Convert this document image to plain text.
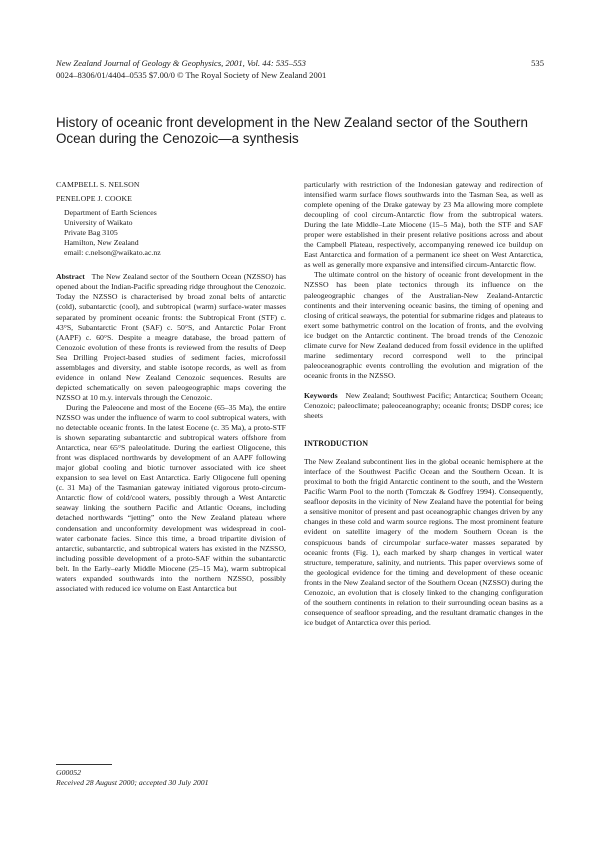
New Zealand Journal of Geology & Geophysics, 2001, Vol. 44: 535–553	535
0024–8306/01/4404–0535 $7.00/0 © The Royal Society of New Zealand 2001
History of oceanic front development in the New Zealand sector of the Southern Ocean during the Cenozoic—a synthesis
CAMPBELL S. NELSON
PENELOPE J. COOKE
Department of Earth Sciences
University of Waikato
Private Bag 3105
Hamilton, New Zealand
email: c.nelson@waikato.ac.nz

Abstract The New Zealand sector of the Southern Ocean (NZSSO) has opened about the Indian-Pacific spreading ridge throughout the Cenozoic. Today the NZSSO is characterised by broad zonal belts of antarctic (cold), subantarctic (cool), and subtropical (warm) surface-water masses separated by prominent oceanic fronts: the Subtropical Front (STF) c. 43°S, Subantarctic Front (SAF) c. 50°S, and Antarctic Polar Front (AAPF) c. 60°S. Despite a meagre database, the broad pattern of Cenozoic evolution of these fronts is reviewed from the results of Deep Sea Drilling Project-based studies of sediment facies, microfossil assemblages and diversity, and stable isotope records, as well as from evidence in onland New Zealand Cenozoic sequences. Results are depicted schematically on seven paleogeographic maps covering the NZSSO at 10 m.y. intervals through the Cenozoic.

During the Paleocene and most of the Eocene (65–35 Ma), the entire NZSSO was under the influence of warm to cool subtropical waters, with no detectable oceanic fronts. In the latest Eocene (c. 35 Ma), a proto-STF is shown separating subantarctic and subtropical waters offshore from Antarctica, near 65°S paleolatitude. During the earliest Oligocene, this front was displaced northwards by development of an AAPF following major global cooling and biotic turnover associated with ice sheet expansion to sea level on East Antarctica. Early Oligocene full opening (c. 31 Ma) of the Tasmanian gateway initiated vigorous proto-circum-Antarctic flow of cold/cool waters, possibly through a West Antarctic seaway linking the southern Pacific and Atlantic Oceans, including detached northwards “jetting” onto the New Zealand plateau where condensation and unconformity development was widespread in cool-water carbonate facies. Since this time, a broad tripartite division of antarctic, subantarctic, and subtropical waters has existed in the NZSSO, including possible development of a proto-SAF within the subantarctic belt. In the Early–early Middle Miocene (25–15 Ma), warm subtropical waters expanded southwards into the northern NZSSO, possibly associated with reduced ice volume on East Antarctica but

particularly with restriction of the Indonesian gateway and redirection of intensified warm surface flows southwards into the Tasman Sea, as well as complete opening of the Drake gateway by 23 Ma allowing more complete decoupling of cool circum-Antarctic flow from the subtropical waters. During the late Middle–Late Miocene (15–5 Ma), both the STF and SAF proper were established in their present relative positions across and about the Campbell Plateau, respectively, accompanying renewed ice buildup on East Antarctica and formation of a permanent ice sheet on West Antarctica, as well as generally more expansive and intensified circum-Antarctic flow.

The ultimate control on the history of oceanic front development in the NZSSO has been plate tectonics through its influence on the paleogeographic changes of the Australian-New Zealand-Antarctic continents and their intervening oceanic basins, the timing of opening and closing of critical seaways, the potential for submarine ridges and plateaus to exert some bathymetric control on the location of fronts, and the evolving ice budget on the Antarctic continent. The broad trends of the Cenozoic climate curve for New Zealand deduced from fossil evidence in the uplifted marine sedimentary record correspond well to the principal paleoceanographic events controlling the evolution and migration of the oceanic fronts in the NZSSO.

Keywords New Zealand; Southwest Pacific; Antarctica; Southern Ocean; Cenozoic; paleoclimate; paleoceanography; oceanic fronts; DSDP cores; ice sheets

INTRODUCTION

The New Zealand subcontinent lies in the global oceanic hemisphere at the interface of the Southwest Pacific Ocean and the Southern Ocean. It is proximal to both the frigid Antarctic continent to the south, and the Western Pacific Warm Pool to the north (Tomczak & Godfrey 1994). Consequently, seafloor deposits in the vicinity of New Zealand have the potential for being a sensitive monitor of present and past oceanographic changes driven by any changes in these cold and warm source regions. The most prominent feature evident on satellite imagery of the modern Southern Ocean is the conspicuous bands of circumpolar surface-water masses separated by oceanic fronts (Fig. 1), each marked by sharp changes in vertical water structure, temperature, salinity, and nutrients. This paper overviews some of the geological evidence for the timing and development of these oceanic fronts in the New Zealand sector of the Southern Ocean (NZSSO) during the Cenozoic, an evolution that is closely linked to the changing configuration of the southern continents in relation to their surrounding ocean basins as a consequence of seafloor spreading, and the resultant dramatic changes in the ice budget of Antarctica over this period.

G00052
Received 28 August 2000; accepted 30 July 2001
